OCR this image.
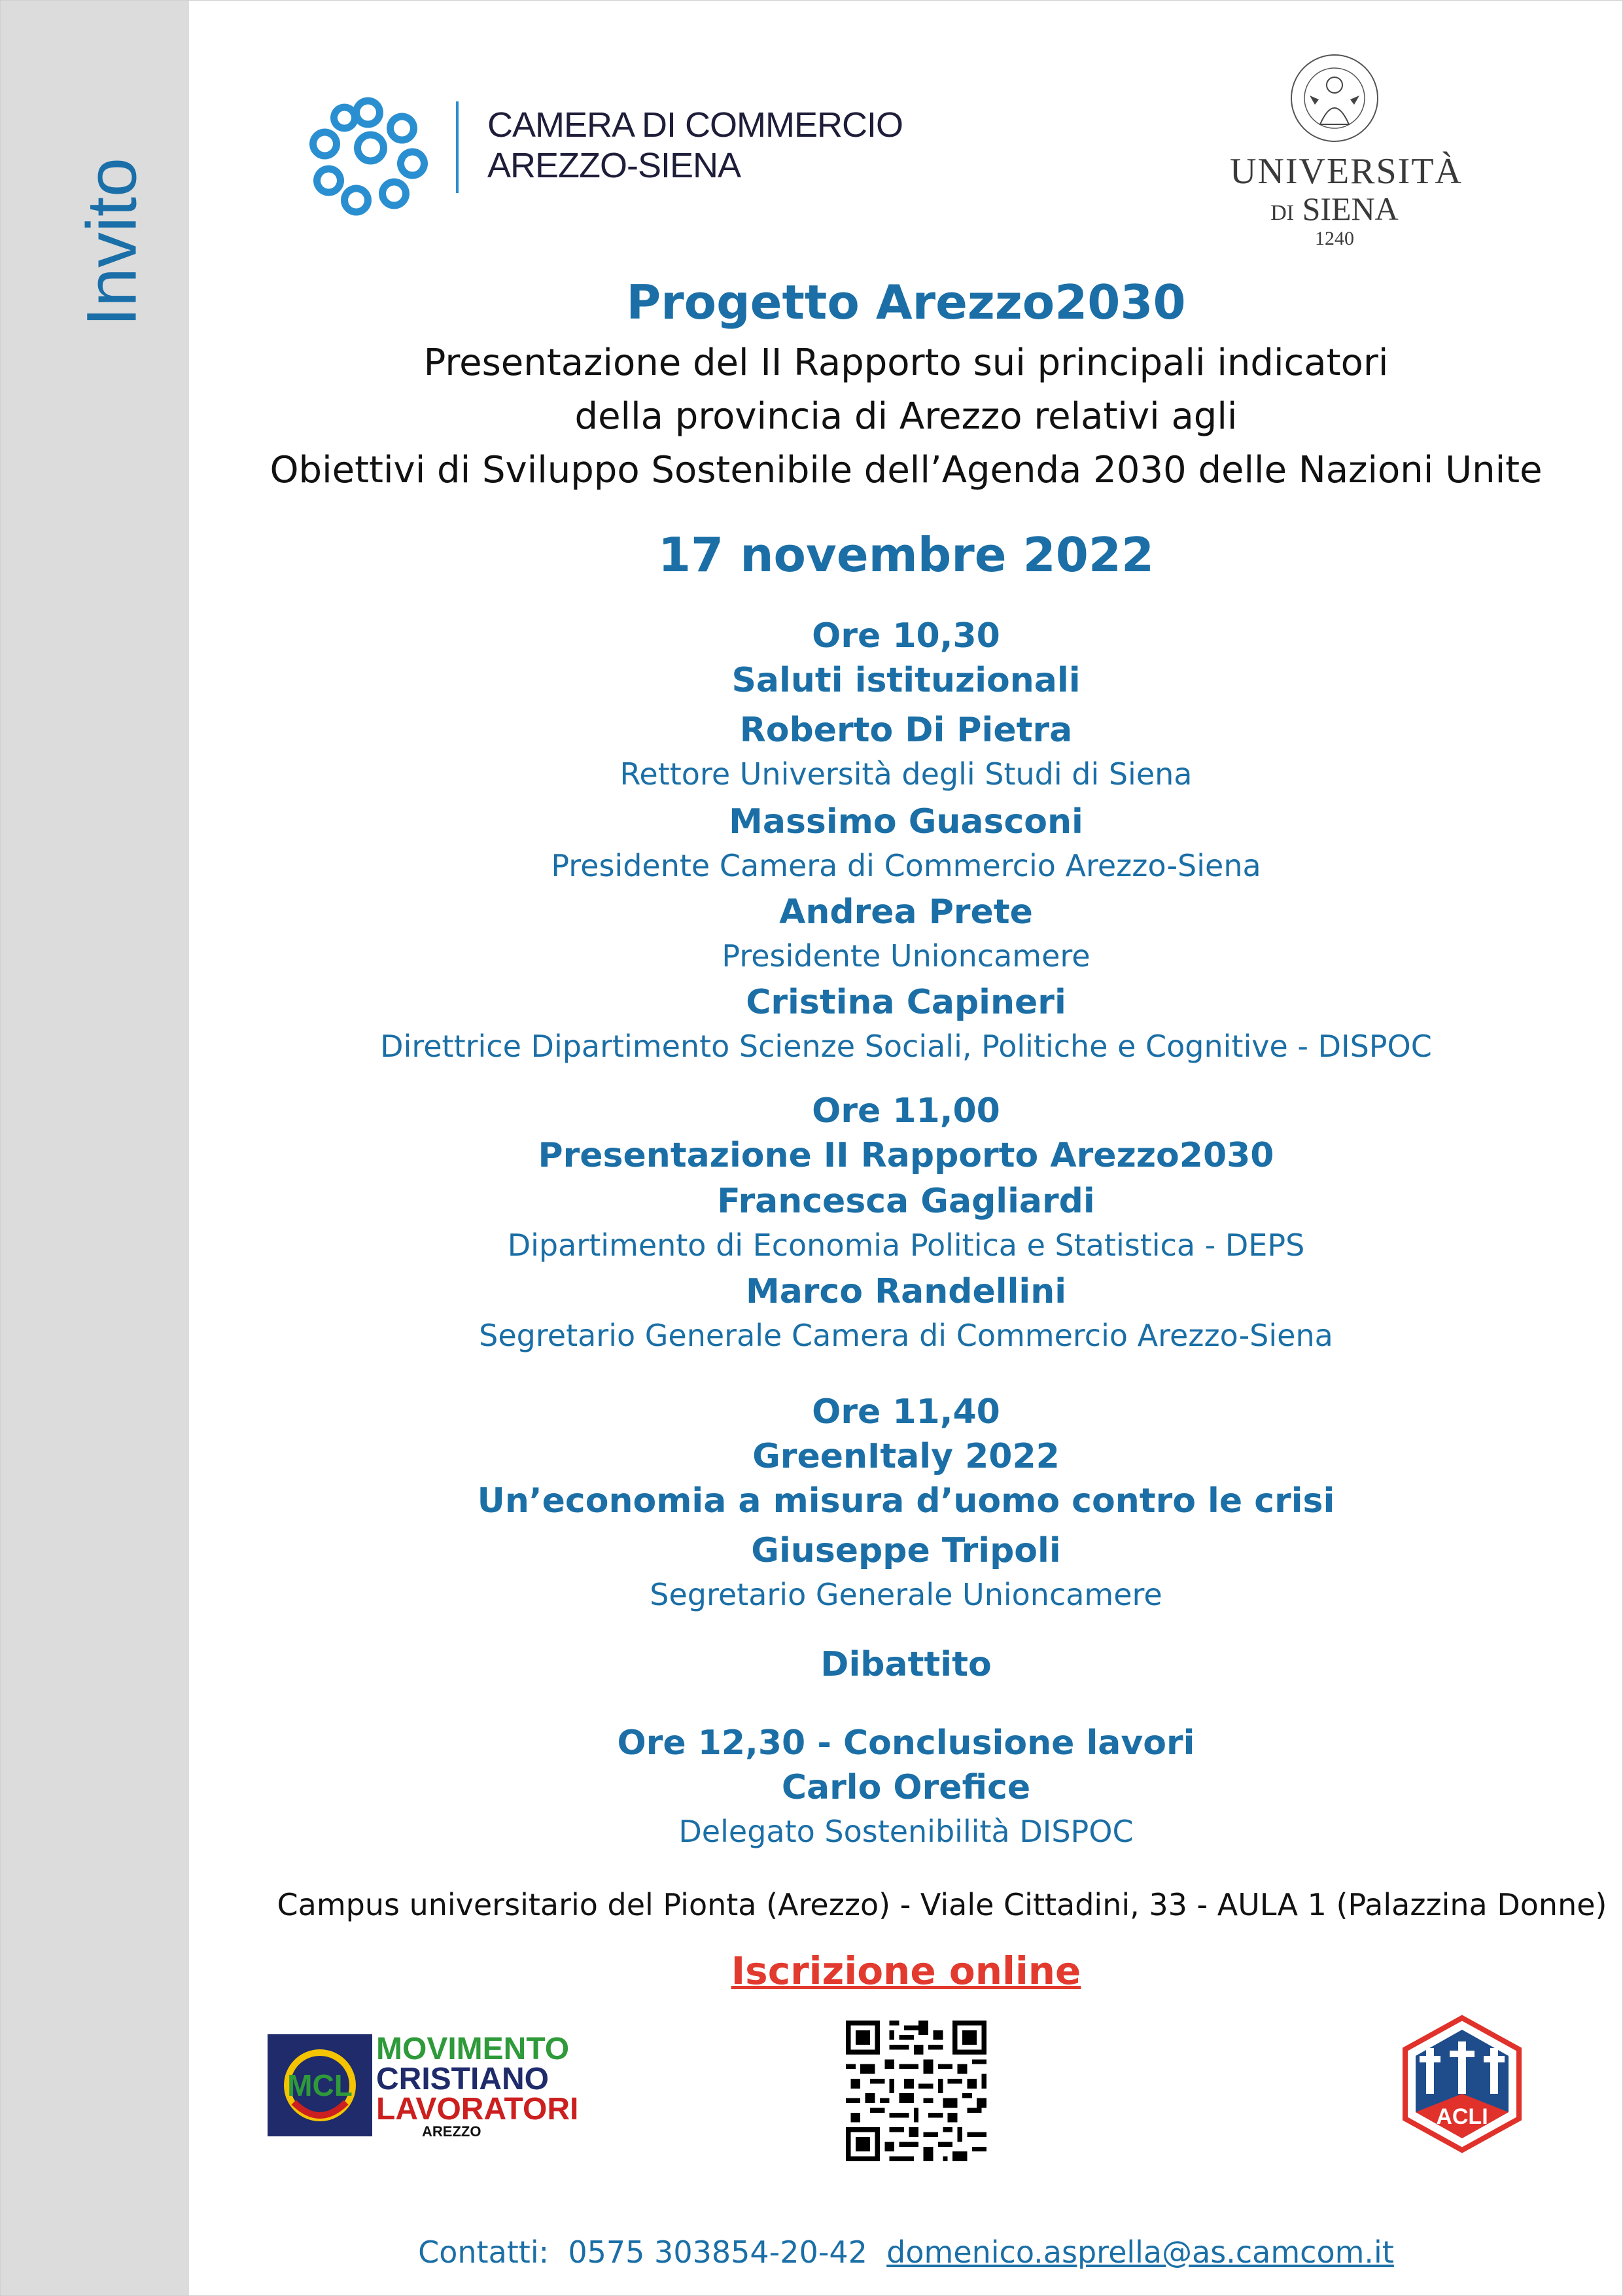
Invito
CAMERA DI COMMERCIO
AREZZO-SIENA	UNIVERSITÀ
DI SIENA
1240
Progetto Arezzo2030
Presentazione del II Rapporto sui principali indicatori
della provincia di Arezzo relativi agli
Obiettivi di Sviluppo Sostenibile dell’Agenda 2030 delle Nazioni Unite
17 novembre 2022
Ore 10,30
Saluti istituzionali
Roberto Di Pietra
Rettore Università degli Studi di Siena
Massimo Guasconi
Presidente Camera di Commercio Arezzo-Siena
Andrea Prete
Presidente Unioncamere
Cristina Capineri
Direttrice Dipartimento Scienze Sociali, Politiche e Cognitive - DISPOC
Ore 11,00
Presentazione II Rapporto Arezzo2030
Francesca Gagliardi
Dipartimento di Economia Politica e Statistica - DEPS
Marco Randellini
Segretario Generale Camera di Commercio Arezzo-Siena
Ore 11,40
GreenItaly 2022
Un’economia a misura d’uomo contro le crisi
Giuseppe Tripoli
Segretario Generale Unioncamere
Dibattito
Ore 12,30 - Conclusione lavori
Carlo Orefice
Delegato Sostenibilità DISPOC
Campus universitario del Pionta (Arezzo) - Viale Cittadini, 33 - AULA 1 (Palazzina Donne)
Iscrizione online
MCL
MOVIMENTO
CRISTIANO
LAVORATORI
AREZZO
ACLI
Contatti: 0575 303854-20-42 domenico.asprella@as.camcom.it
